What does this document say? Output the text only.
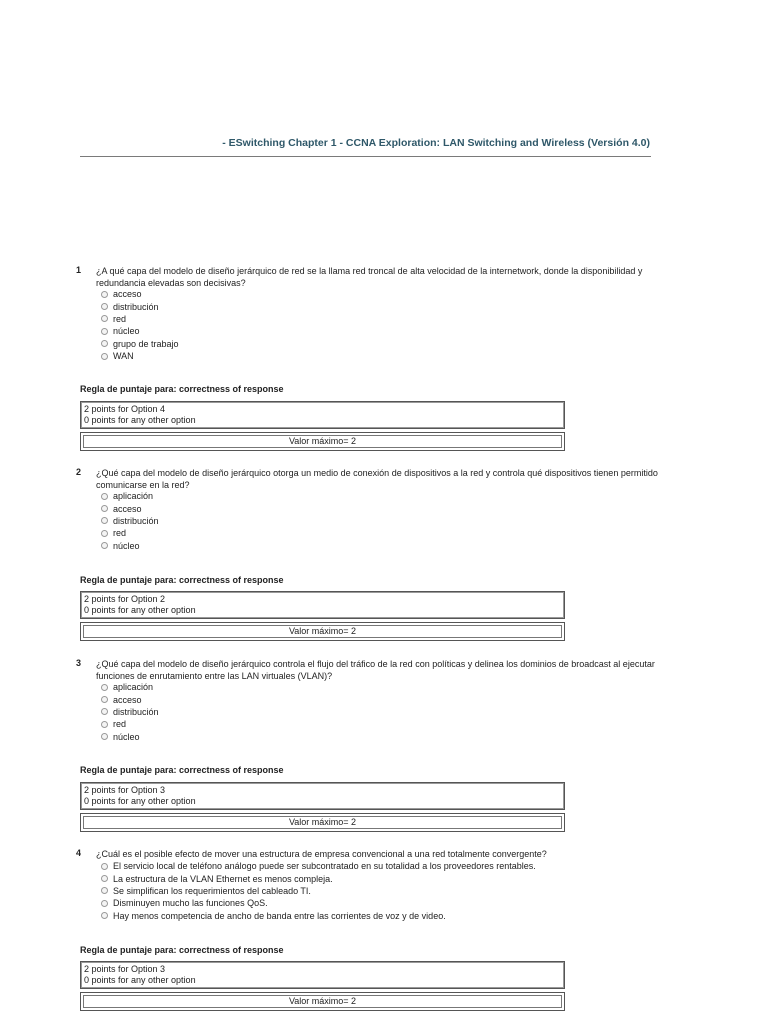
- ESwitching Chapter 1 - CCNA Exploration: LAN Switching and Wireless (Versión 4.0)
1	¿A qué capa del modelo de diseño jerárquico de red se la llama red troncal de alta velocidad de la internetwork, donde la disponibilidad y redundancia elevadas son decisivas?
acceso
distribución
red
núcleo
grupo de trabajo
WAN
Regla de puntaje para: correctness of response
2 points for Option 4
0 points for any other option
Valor máximo= 2
2	¿Qué capa del modelo de diseño jerárquico otorga un medio de conexión de dispositivos a la red y controla qué dispositivos tienen permitido comunicarse en la red?
aplicación
acceso
distribución
red
núcleo
Regla de puntaje para: correctness of response
2 points for Option 2
0 points for any other option
Valor máximo= 2
3	¿Qué capa del modelo de diseño jerárquico controla el flujo del tráfico de la red con políticas y delinea los dominios de broadcast al ejecutar funciones de enrutamiento entre las LAN virtuales (VLAN)?
aplicación
acceso
distribución
red
núcleo
Regla de puntaje para: correctness of response
2 points for Option 3
0 points for any other option
Valor máximo= 2
4	¿Cuál es el posible efecto de mover una estructura de empresa convencional a una red totalmente convergente?
El servicio local de teléfono análogo puede ser subcontratado en su totalidad a los proveedores rentables.
La estructura de la VLAN Ethernet es menos compleja.
Se simplifican los requerimientos del cableado TI.
Disminuyen mucho las funciones QoS.
Hay menos competencia de ancho de banda entre las corrientes de voz y de video.
Regla de puntaje para: correctness of response
2 points for Option 3
0 points for any other option
Valor máximo= 2
